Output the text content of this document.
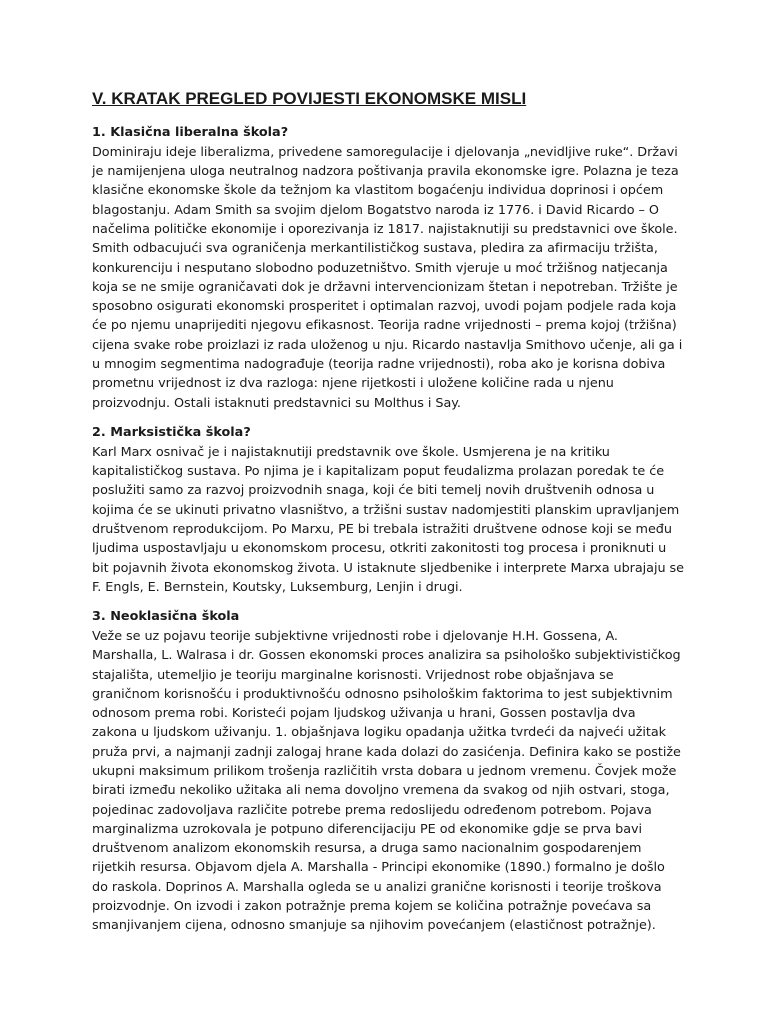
V. KRATAK PREGLED POVIJESTI EKONOMSKE MISLI
1. Klasična liberalna škola?

Dominiraju ideje liberalizma, privedene samoregulacije i djelovanja „nevidljive ruke“. Državi je namijenjena uloga neutralnog nadzora poštivanja pravila ekonomske igre. Polazna je teza klasične ekonomske škole da težnjom ka vlastitom bogaćenju individua doprinosi i općem blagostanju. Adam Smith sa svojim djelom Bogatstvo naroda iz 1776. i David Ricardo – O načelima političke ekonomije i oporezivanja iz 1817. najistaknutiji su predstavnici ove škole. Smith odbacujući sva ograničenja merkantilističkog sustava, pledira za afirmaciju tržišta, konkurenciju i nesputano slobodno poduzetništvo. Smith vjeruje u moć tržišnog natjecanja koja se ne smije ograničavati dok je državni intervencionizam štetan i nepotreban. Tržište je sposobno osigurati ekonomski prosperitet i optimalan razvoj, uvodi pojam podjele rada koja će po njemu unaprijediti njegovu efikasnost. Teorija radne vrijednosti – prema kojoj (tržišna) cijena svake robe proizlazi iz rada uloženog u nju. Ricardo nastavlja Smithovo učenje, ali ga i u mnogim segmentima nadograđuje (teorija radne vrijednosti), roba ako je korisna dobiva prometnu vrijednost iz dva razloga: njene rijetkosti i uložene količine rada u njenu proizvodnju. Ostali istaknuti predstavnici su Molthus i Say.

2. Marksistička škola?

Karl Marx osnivač je i najistaknutiji predstavnik ove škole. Usmjerena je na kritiku kapitalističkog sustava. Po njima je i kapitalizam poput feudalizma prolazan poredak te će poslužiti samo za razvoj proizvodnih snaga, koji će biti temelj novih društvenih odnosa u kojima će se ukinuti privatno vlasništvo, a tržišni sustav nadomjestiti planskim upravljanjem društvenom reprodukcijom. Po Marxu, PE bi trebala istražiti društvene odnose koji se među ljudima uspostavljaju u ekonomskom procesu, otkriti zakonitosti tog procesa i proniknuti u bit pojavnih života ekonomskog života. U istaknute sljedbenike i interprete Marxa ubrajaju se F. Engls, E. Bernstein, Koutsky, Luksemburg, Lenjin i drugi.

3. Neoklasična škola

Veže se uz pojavu teorije subjektivne vrijednosti robe i djelovanje H.H. Gossena, A. Marshalla, L. Walrasa i dr. Gossen ekonomski proces analizira sa psihološko subjektivističkog stajališta, utemeljio je teoriju marginalne korisnosti. Vrijednost robe objašnjava se graničnom korisnošću i produktivnošću odnosno psihološkim faktorima to jest subjektivnim odnosom prema robi. Koristeći pojam ljudskog uživanja u hrani, Gossen postavlja dva zakona u ljudskom uživanju. 1. objašnjava logiku opadanja užitka tvrdeći da najveći užitak pruža prvi, a najmanji zadnji zalogaj hrane kada dolazi do zasićenja. Definira kako se postiže ukupni maksimum prilikom trošenja različitih vrsta dobara u jednom vremenu. Čovjek može birati između nekoliko užitaka ali nema dovoljno vremena da svakog od njih ostvari, stoga, pojedinac zadovoljava različite potrebe prema redoslijedu određenom potrebom. Pojava marginalizma uzrokovala je potpuno diferencijaciju PE od ekonomike gdje se prva bavi društvenom analizom ekonomskih resursa, a druga samo nacionalnim gospodarenjem rijetkih resursa. Objavom djela A. Marshalla - Principi ekonomike (1890.) formalno je došlo do raskola. Doprinos A. Marshalla ogleda se u analizi granične korisnosti i teorije troškova proizvodnje. On izvodi i zakon potražnje prema kojem se količina potražnje povećava sa smanjivanjem cijena, odnosno smanjuje sa njihovim povećanjem (elastičnost potražnje).
